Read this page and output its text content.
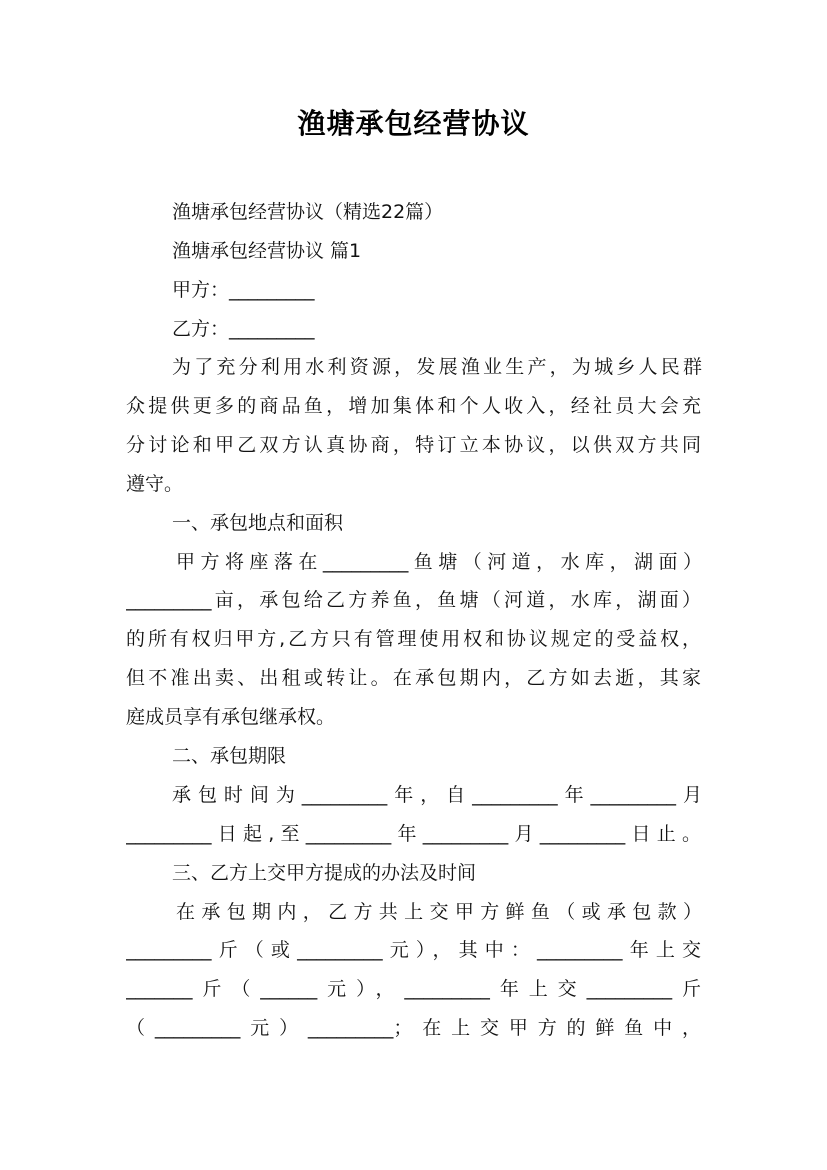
渔塘承包经营协议
渔塘承包经营协议（精选22篇）
渔塘承包经营协议 篇1
甲方：_________
乙方：_________
为了充分利用水利资源，发展渔业生产，为城乡人民群
众提供更多的商品鱼，增加集体和个人收入，经社员大会充
分讨论和甲乙双方认真协商，特订立本协议，以供双方共同
遵守。
一、承包地点和面积
甲方将座落在_________鱼塘（河道，水库，湖面）
_________亩，承包给乙方养鱼，鱼塘（河道，水库，湖面）
的所有权归甲方,乙方只有管理使用权和协议规定的受益权，
但不准出卖、出租或转让。在承包期内，乙方如去逝，其家
庭成员享有承包继承权。
二、承包期限
承包时间为_________年，自_________年_________月
_________日起,至_________年_________月_________日止。
三、乙方上交甲方提成的办法及时间
在承包期内，乙方共上交甲方鲜鱼（或承包款）
_________斤（或_________元），其中：_________年上交
_______斤（______元），_________年上交_________斤
（_________元）_________；在上交甲方的鲜鱼中，
